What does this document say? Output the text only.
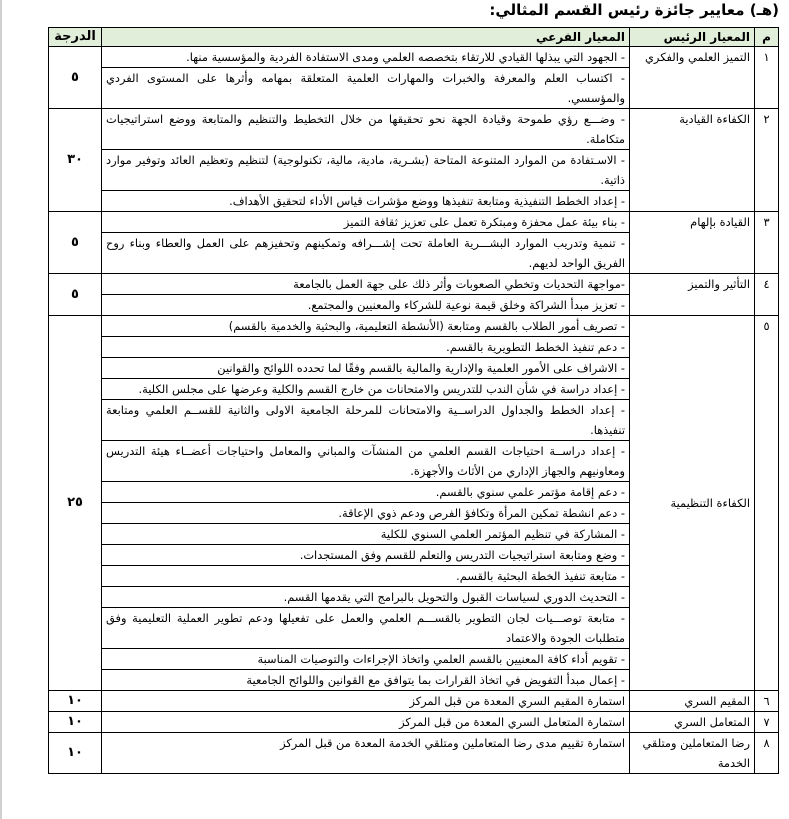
(هـ) معايير جائزة رئيس القسم المثالي:
م	المعيار الرئيس	المعيار الفرعي	الدرجة
١	التميز العلمي والفكري	- الجهود التي يبذلها القيادي للارتقاء بتخصصه العلمي ومدى الاستفادة الفردية والمؤسسية منها.	٥
		- اكتساب العلم والمعرفة والخبرات والمهارات العلمية المتعلقة بمهامه وأثرها على المستوى الفردي والمؤسسي.	
٢	الكفاءة القيادية	- وضـــع رؤي طموحة وقيادة الجهة نحو تحقيقها من خلال التخطيط والتنظيم والمتابعة ووضع استراتيجيات متكاملة.	٣٠
		- الاسـتفادة من الموارد المتنوعة المتاحة (بشـرية، مادية، مالية، تكنولوجية) لتنظيم وتعظيم العائد وتوفير موارد ذاتية.	
		- إعداد الخطط التنفيذية ومتابعة تنفيذها ووضع مؤشرات قياس الأداء لتحقيق الأهداف.	
٣	القيادة بإلهام	- بناء بيئة عمل محفزة ومبتكرة تعمل على تعزيز ثقافة التميز	٥
		- تنمية وتدريب الموارد البشـــرية العاملة تحت إشـــرافه وتمكينهم وتحفيزهم على العمل والعطاء وبناء روح الفريق الواحد لديهم.	
٤	التأثير والتميز	-مواجهة التحديات وتخطي الصعوبات وأثر ذلك على جهة العمل بالجامعة	٥
		- تعزيز مبدأ الشراكة وخلق قيمة نوعية للشركاء والمعنيين والمجتمع.	
٥	الكفاءة التنظيمية	- تصريف أمور الطلاب بالقسم ومتابعة (الأنشطة التعليمية، والبحثية والخدمية بالقسم)	٢٥
		- دعم تنفيذ الخطط التطويرية بالقسم.	
		- الاشراف على الأمور العلمية والإدارية والمالية بالقسم وفقًا لما تحدده اللوائح والقوانين	
		- إعداد دراسة في شأن الندب للتدريس والامتحانات من خارج القسم والكلية وعرضها على مجلس الكلية.	
		- إعداد الخطط والجداول الدراســية والامتحانات للمرحلة الجامعية الاولى والثانية للقســم العلمي ومتابعة تنفيذها.	
		- إعداد دراســة احتياجات القسم العلمي من المنشآت والمباني والمعامل واحتياجات أعضــاء هيئة التدريس ومعاونيهم والجهاز الإداري من الأثاث والأجهزة.	
		- دعم إقامة مؤتمر علمي سنوي بالقسم.	
		- دعم انشطة تمكين المرأة وتكافؤ الفرص ودعم ذوي الإعاقة.	
		- المشاركة في تنظيم المؤتمر العلمي السنوي للكلية	
		- وضع ومتابعة استراتيجيات التدريس والتعلم للقسم وفق المستجدات.	
		- متابعة تنفيذ الخطة البحثية بالقسم.	
		- التحديث الدوري لسياسات القبول والتحويل بالبرامج التي يقدمها القسم.	
		- متابعة توصـــيات لجان التطوير بالقســـم العلمي والعمل على تفعيلها ودعم تطوير العملية التعليمية وفق متطلبات الجودة والاعتماد	
		- تقويم أداء كافة المعنيين بالقسم العلمي واتخاذ الإجراءات والتوصيات المناسبة	
		- إعمال مبدأ التفويض في اتخاذ القرارات بما يتوافق مع القوانين واللوائح الجامعية	
٦	المقيم السري	استمارة المقيم السري المعدة من قبل المركز	١٠
٧	المتعامل السري	استمارة المتعامل السري المعدة من قبل المركز	١٠
٨	رضا المتعاملين ومتلقي الخدمة	استمارة تقييم مدى رضا المتعاملين ومتلقي الخدمة المعدة من قبل المركز	١٠
